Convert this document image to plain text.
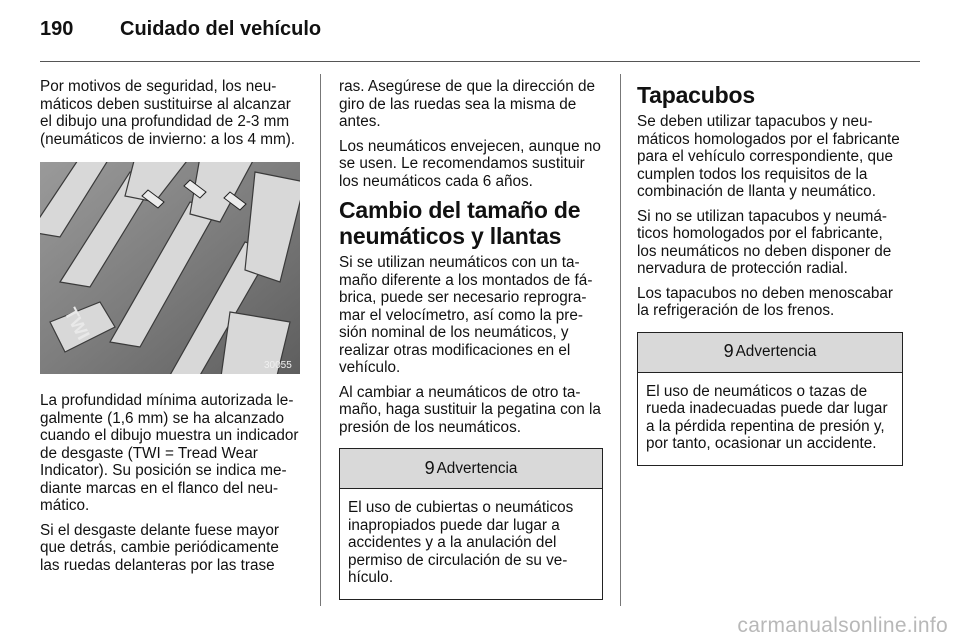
190 Cuidado del vehículo

Por motivos de seguridad, los neumáticos deben sustituirse al alcanzar el dibujo una profundidad de 2-3 mm (neumáticos de invierno: a los 4 mm).

TWI
30055

La profundidad mínima autorizada legalmente (1,6 mm) se ha alcanzado cuando el dibujo muestra un indicador de desgaste (TWI = Tread Wear Indicator). Su posición se indica mediante marcas en el flanco del neumático.

Si el desgaste delante fuese mayor que detrás, cambie periódicamente las ruedas delanteras por las trase

ras. Asegúrese de que la dirección de giro de las ruedas sea la misma de antes.

Los neumáticos envejecen, aunque no se usen. Le recomendamos sustituir los neumáticos cada 6 años.

Cambio del tamaño de neumáticos y llantas

Si se utilizan neumáticos con un tamaño diferente a los montados de fábrica, puede ser necesario reprogramar el velocímetro, así como la presión nominal de los neumáticos, y realizar otras modificaciones en el vehículo.

Al cambiar a neumáticos de otro tamaño, haga sustituir la pegatina con la presión de los neumáticos.

9 Advertencia
El uso de cubiertas o neumáticos inapropiados puede dar lugar a accidentes y a la anulación del permiso de circulación de su vehículo.
Tapacubos

Se deben utilizar tapacubos y neumáticos homologados por el fabricante para el vehículo correspondiente, que cumplen todos los requisitos de la combinación de llanta y neumático.

Si no se utilizan tapacubos y neumáticos homologados por el fabricante, los neumáticos no deben disponer de nervadura de protección radial.

Los tapacubos no deben menoscabar la refrigeración de los frenos.

9 Advertencia
El uso de neumáticos o tazas de rueda inadecuadas puede dar lugar a la pérdida repentina de presión y, por tanto, ocasionar un accidente.
carmanualsonline.info
